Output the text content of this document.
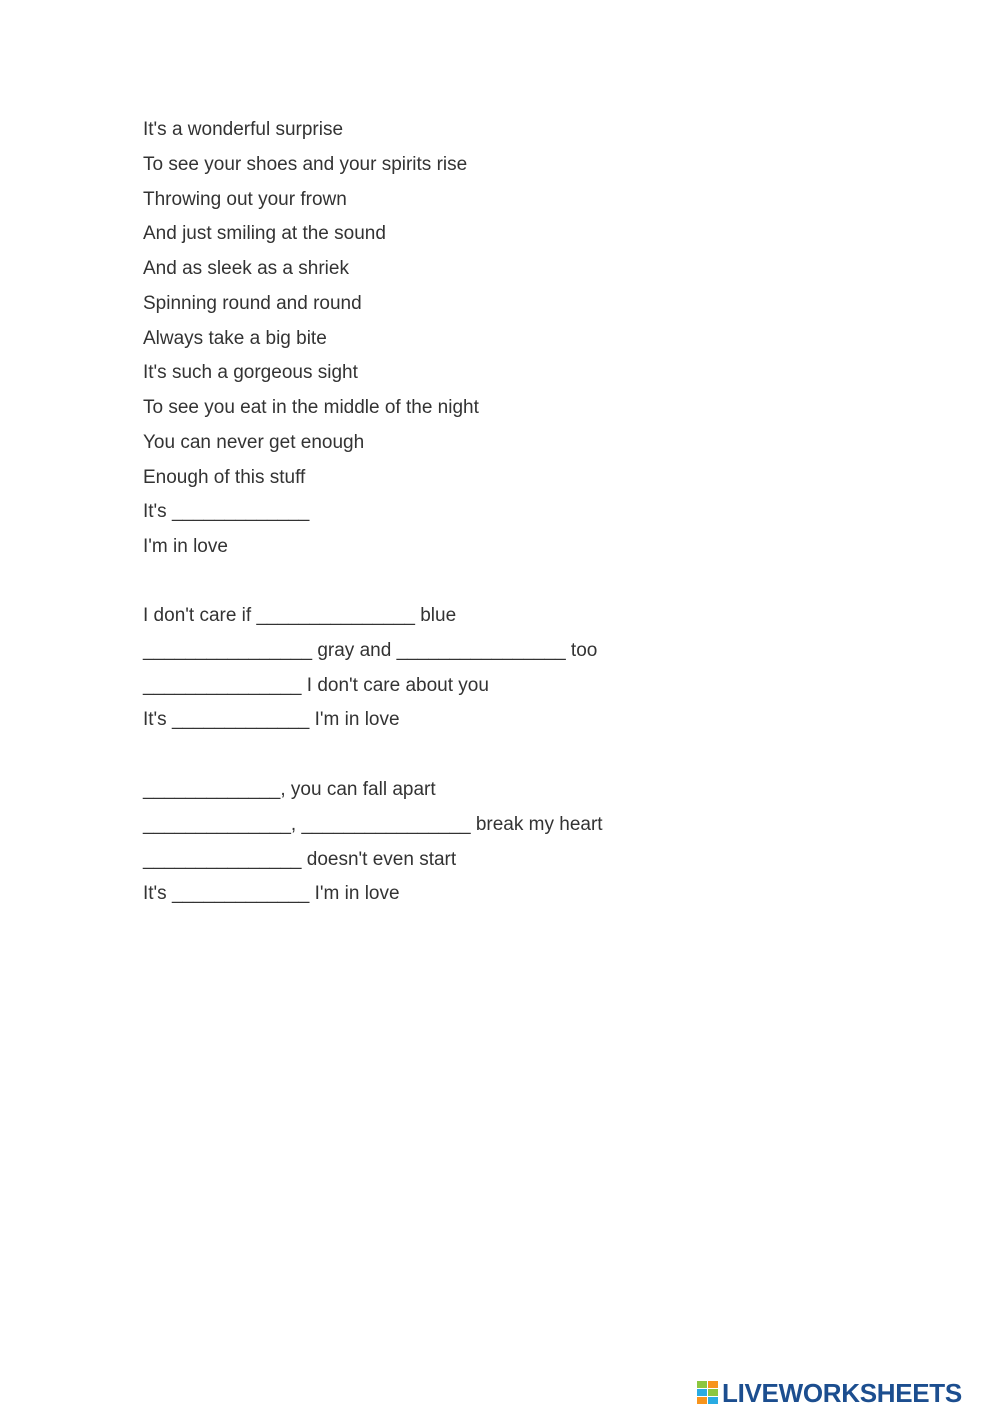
It's a wonderful surprise
To see your shoes and your spirits rise
Throwing out your frown
And just smiling at the sound
And as sleek as a shriek
Spinning round and round
Always take a big bite
It's such a gorgeous sight
To see you eat in the middle of the night
You can never get enough
Enough of this stuff
It's _____________
I'm in love
I don't care if _______________ blue
________________ gray and ________________ too
_______________ I don't care about you
It's _____________ I'm in love
_____________, you can fall apart
______________, ________________ break my heart
_______________ doesn't even start
It's _____________ I'm in love
LIVEWORKSHEETS
